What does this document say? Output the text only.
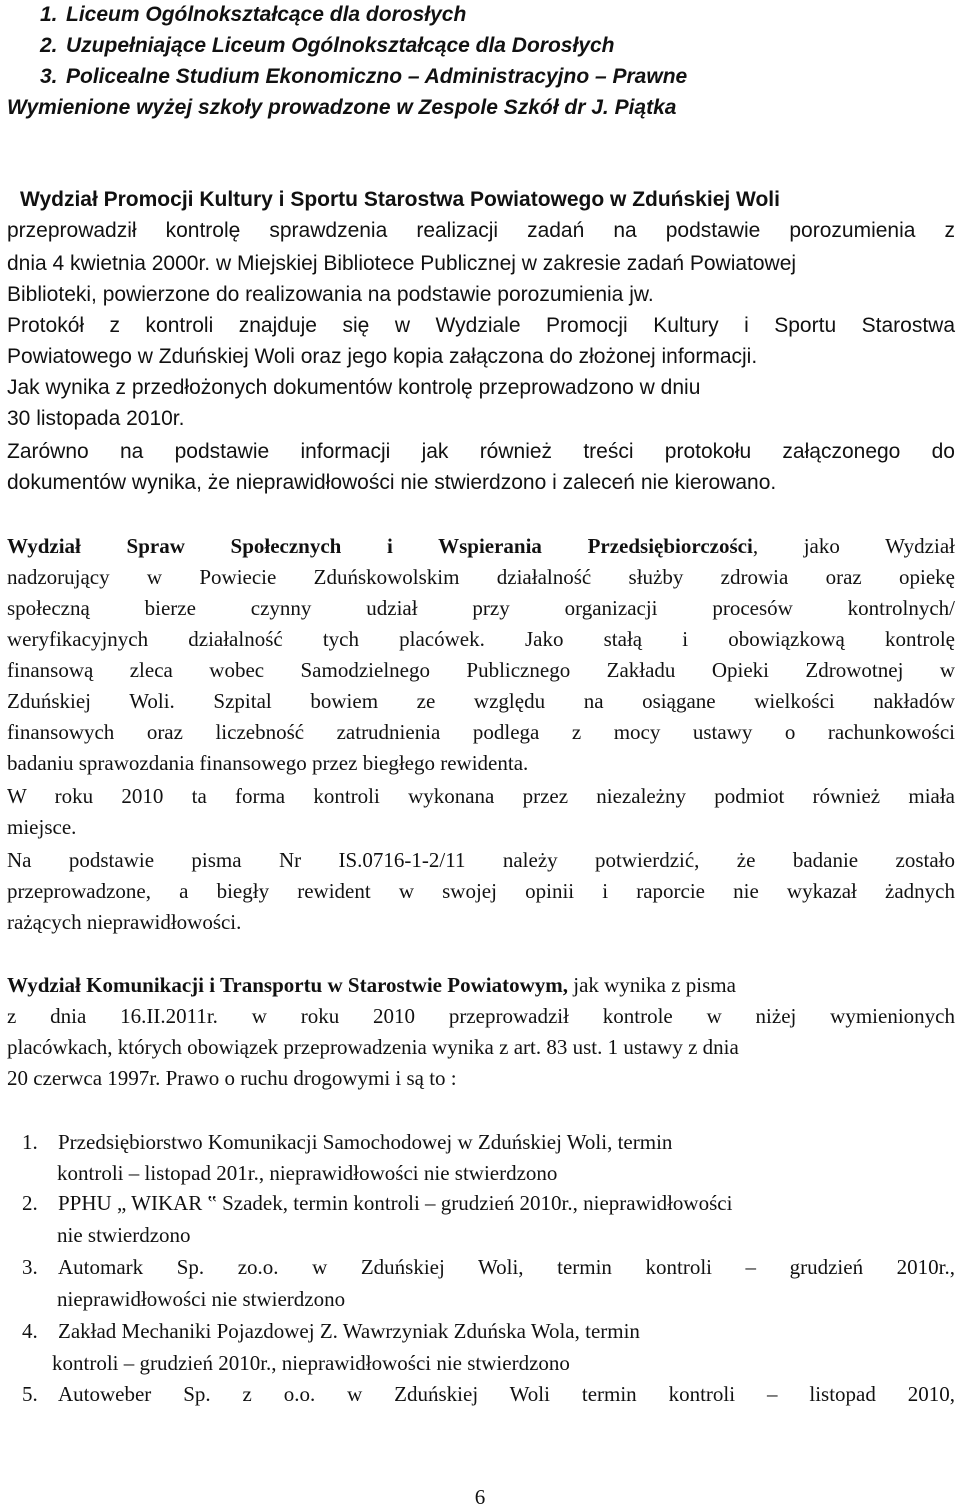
1. Liceum Ogólnokształcące dla dorosłych
2. Uzupełniające Liceum Ogólnokształcące dla Dorosłych
3. Policealne Studium Ekonomiczno – Administracyjno – Prawne
Wymienione wyżej szkoły prowadzone w Zespole Szkół dr J. Piątka
Wydział Promocji Kultury i Sportu Starostwa Powiatowego w Zduńskiej Woli
przeprowadził kontrolę sprawdzenia realizacji zadań na podstawie porozumienia z
dnia 4 kwietnia 2000r. w Miejskiej Bibliotece Publicznej w zakresie zadań Powiatowej
Biblioteki, powierzone do realizowania na podstawie porozumienia jw.
Protokół z kontroli znajduje się w Wydziale Promocji Kultury i Sportu Starostwa
Powiatowego w Zduńskiej Woli oraz jego kopia załączona do złożonej informacji.
Jak wynika z przedłożonych dokumentów kontrolę przeprowadzono w dniu
30 listopada 2010r.
Zarówno na podstawie informacji jak również treści protokołu załączonego do
dokumentów wynika, że nieprawidłowości nie stwierdzono i zaleceń nie kierowano.
Wydział Spraw Społecznych i Wspierania Przedsiębiorczości, jako Wydział
nadzorujący w Powiecie Zduńskowolskim działalność służby zdrowia oraz opiekę
społeczną bierze czynny udział przy organizacji procesów kontrolnych/
weryfikacyjnych działalność tych placówek. Jako stałą i obowiązkową kontrolę
finansową zleca wobec Samodzielnego Publicznego Zakładu Opieki Zdrowotnej w
Zduńskiej Woli. Szpital bowiem ze względu na osiągane wielkości nakładów
finansowych oraz liczebność zatrudnienia podlega z mocy ustawy o rachunkowości
badaniu sprawozdania finansowego przez biegłego rewidenta.
W roku 2010 ta forma kontroli wykonana przez niezależny podmiot również miała
miejsce.
Na podstawie pisma Nr IS.0716-1-2/11 należy potwierdzić, że badanie zostało
przeprowadzone, a biegły rewident w swojej opinii i raporcie nie wykazał żadnych
rażących nieprawidłowości.
Wydział Komunikacji i Transportu w Starostwie Powiatowym, jak wynika z pisma
z dnia 16.II.2011r. w roku 2010 przeprowadził kontrole w niżej wymienionych
placówkach, których obowiązek przeprowadzenia wynika z art. 83 ust. 1 ustawy z dnia
20 czerwca 1997r. Prawo o ruchu drogowymi i są to :
1. Przedsiębiorstwo Komunikacji Samochodowej w Zduńskiej Woli, termin
kontroli – listopad 201r., nieprawidłowości nie stwierdzono
2. PPHU „ WIKAR ‟ Szadek, termin kontroli – grudzień 2010r., nieprawidłowości
nie stwierdzono
3. Automark Sp. zo.o. w Zduńskiej Woli, termin kontroli – grudzień 2010r.,
nieprawidłowości nie stwierdzono
4. Zakład Mechaniki Pojazdowej Z. Wawrzyniak Zduńska Wola, termin
kontroli – grudzień 2010r., nieprawidłowości nie stwierdzono
5. Autoweber Sp. z o.o. w Zduńskiej Woli termin kontroli – listopad 2010,
6
